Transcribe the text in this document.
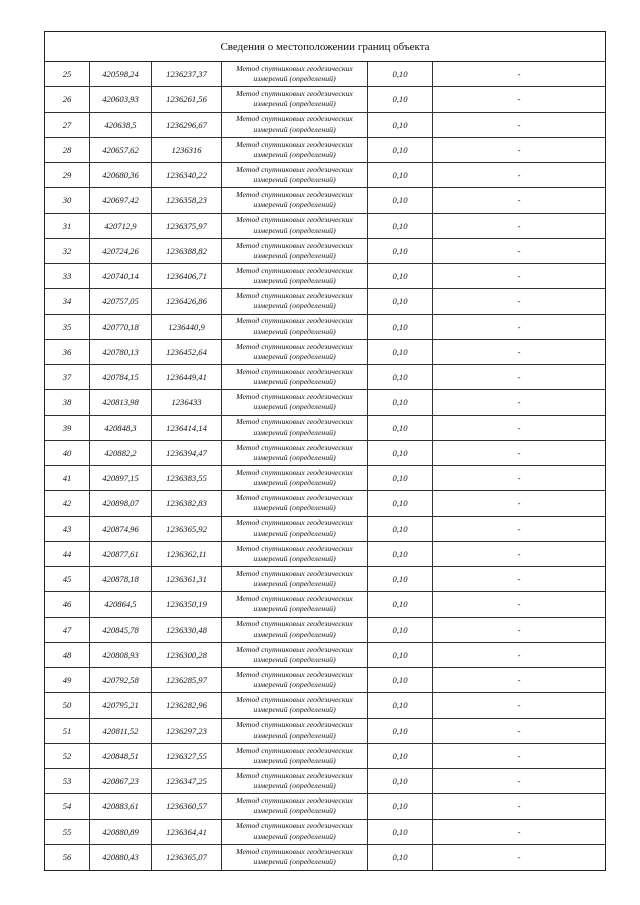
Сведения о местоположении границ объекта
25	420598,24	1236237,37
Метод спутниковых геодезических
измерений (определений)	0,10	-
26	420603,93	1236261,56
Метод спутниковых геодезических
измерений (определений)	0,10	-
27	420638,5	1236296,67
Метод спутниковых геодезических
измерений (определений)	0,10	-
28	420657,62	1236316
Метод спутниковых геодезических
измерений (определений)	0,10	-
29	420680,36	1236340,22
Метод спутниковых геодезических
измерений (определений)	0,10	-
30	420697,42	1236358,23
Метод спутниковых геодезических
измерений (определений)	0,10	-
31	420712,9	1236375,97
Метод спутниковых геодезических
измерений (определений)	0,10	-
32	420724,26	1236388,82
Метод спутниковых геодезических
измерений (определений)	0,10	-
33	420740,14	1236406,71
Метод спутниковых геодезических
измерений (определений)	0,10	-
34	420757,05	1236426,86
Метод спутниковых геодезических
измерений (определений)	0,10	-
35	420770,18	1236440,9
Метод спутниковых геодезических
измерений (определений)	0,10	-
36	420780,13	1236452,64
Метод спутниковых геодезических
измерений (определений)	0,10	-
37	420784,15	1236449,41
Метод спутниковых геодезических
измерений (определений)	0,10	-
38	420813,98	1236433
Метод спутниковых геодезических
измерений (определений)	0,10	-
39	420848,3	1236414,14
Метод спутниковых геодезических
измерений (определений)	0,10	-
40	420882,2	1236394,47
Метод спутниковых геодезических
измерений (определений)	0,10	-
41	420897,15	1236383,55
Метод спутниковых геодезических
измерений (определений)	0,10	-
42	420898,07	1236382,83
Метод спутниковых геодезических
измерений (определений)	0,10	-
43	420874,96	1236365,92
Метод спутниковых геодезических
измерений (определений)	0,10	-
44	420877,61	1236362,11
Метод спутниковых геодезических
измерений (определений)	0,10	-
45	420878,18	1236361,31
Метод спутниковых геодезических
измерений (определений)	0,10	-
46	420864,5	1236350,19
Метод спутниковых геодезических
измерений (определений)	0,10	-
47	420845,78	1236330,48
Метод спутниковых геодезических
измерений (определений)	0,10	-
48	420808,93	1236300,28
Метод спутниковых геодезических
измерений (определений)	0,10	-
49	420792,58	1236285,97
Метод спутниковых геодезических
измерений (определений)	0,10	-
50	420795,21	1236282,96
Метод спутниковых геодезических
измерений (определений)	0,10	-
51	420811,52	1236297,23
Метод спутниковых геодезических
измерений (определений)	0,10	-
52	420848,51	1236327,55
Метод спутниковых геодезических
измерений (определений)	0,10	-
53	420867,23	1236347,25
Метод спутниковых геодезических
измерений (определений)	0,10	-
54	420883,61	1236360,57
Метод спутниковых геодезических
измерений (определений)	0,10	-
55	420880,89	1236364,41
Метод спутниковых геодезических
измерений (определений)	0,10	-
56	420880,43	1236365,07
Метод спутниковых геодезических
измерений (определений)	0,10	-
